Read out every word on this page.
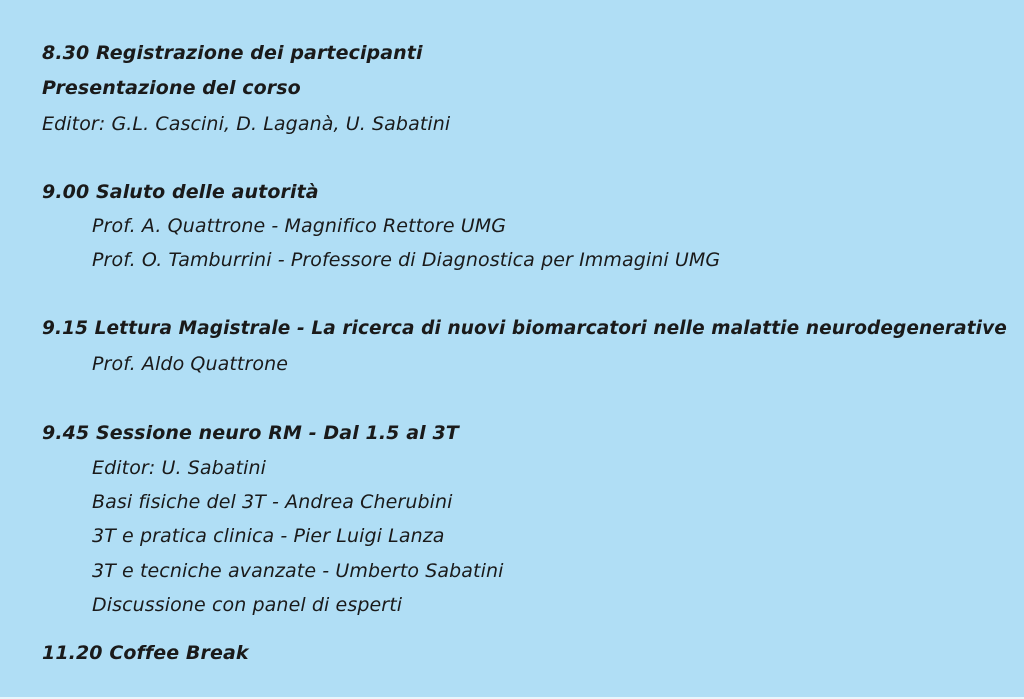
8.30 Registrazione dei partecipanti
Presentazione del corso
Editor: G.L. Cascini, D. Laganà, U. Sabatini
9.00 Saluto delle autorità
Prof. A. Quattrone - Magnifico Rettore UMG
Prof. O. Tamburrini - Professore di Diagnostica per Immagini UMG
9.15 Lettura Magistrale - La ricerca di nuovi biomarcatori nelle malattie neurodegenerative
Prof. Aldo Quattrone
9.45 Sessione neuro RM - Dal 1.5 al 3T
Editor: U. Sabatini
Basi fisiche del 3T - Andrea Cherubini
3T e pratica clinica - Pier Luigi Lanza
3T e tecniche avanzate - Umberto Sabatini
Discussione con panel di esperti
11.20 Coffee Break
